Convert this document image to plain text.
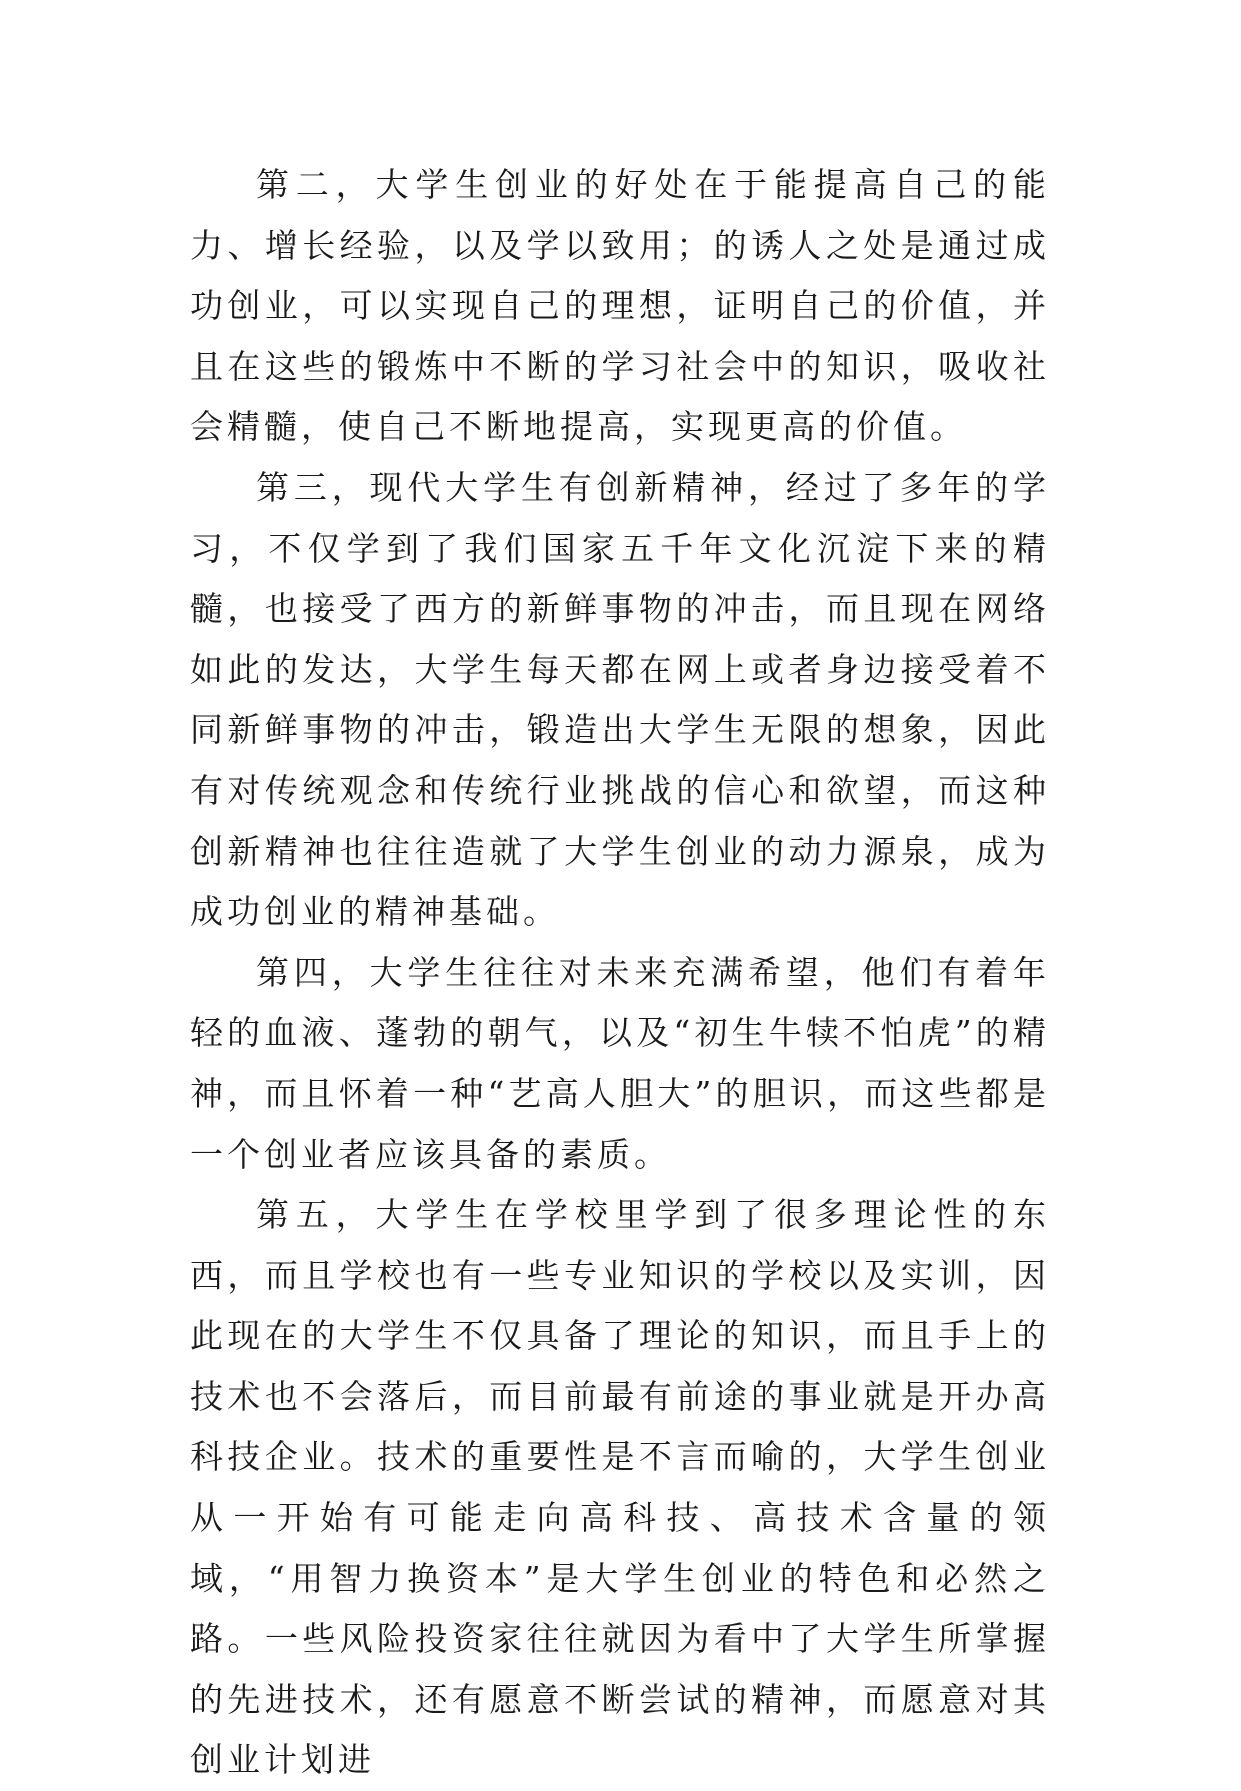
第二，大学生创业的好处在于能提高自己的能力、增长经验，以及学以致用；的诱人之处是通过成功创业，可以实现自己的理想，证明自己的价值，并且在这些的锻炼中不断的学习社会中的知识，吸收社会精髓，使自己不断地提高，实现更高的价值。

第三，现代大学生有创新精神，经过了多年的学习，不仅学到了我们国家五千年文化沉淀下来的精髓，也接受了西方的新鲜事物的冲击，而且现在网络如此的发达，大学生每天都在网上或者身边接受着不同新鲜事物的冲击，锻造出大学生无限的想象，因此有对传统观念和传统行业挑战的信心和欲望，而这种创新精神也往往造就了大学生创业的动力源泉，成为成功创业的精神基础。

第四，大学生往往对未来充满希望，他们有着年轻的血液、蓬勃的朝气，以及“初生牛犊不怕虎”的精神，而且怀着一种“艺高人胆大”的胆识，而这些都是一个创业者应该具备的素质。

第五，大学生在学校里学到了很多理论性的东西，而且学校也有一些专业知识的学校以及实训，因此现在的大学生不仅具备了理论的知识，而且手上的技术也不会落后，而目前最有前途的事业就是开办高科技企业。技术的重要性是不言而喻的，大学生创业从一开始有可能走向高科技、高技术含量的领域，“用智力换资本”是大学生创业的特色和必然之路。一些风险投资家往往就因为看中了大学生所掌握的先进技术，还有愿意不断尝试的精神，而愿意对其创业计划进
